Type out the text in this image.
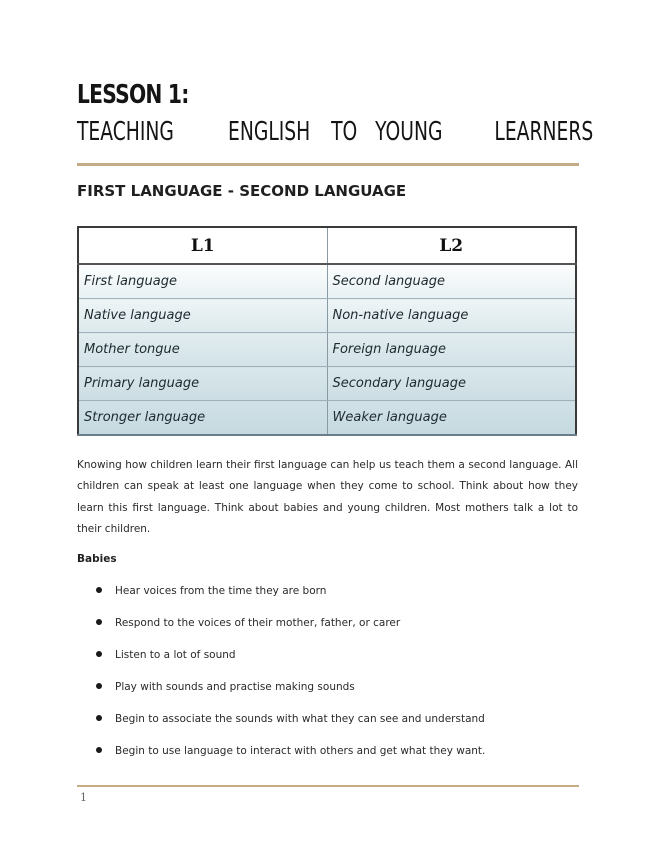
LESSON 1:
TEACHING ENGLISH TO YOUNG LEARNERS
FIRST LANGUAGE - SECOND LANGUAGE
L1	L2
First language	Second language
Native language	Non-native language
Mother tongue	Foreign language
Primary language	Secondary language
Stronger language	Weaker language

Knowing how children learn their first language can help us teach them a second language. All children can speak at least one language when they come to school. Think about how they learn this first language. Think about babies and young children. Most mothers talk a lot to their children.

Babies
Hear voices from the time they are born
Respond to the voices of their mother, father, or carer
Listen to a lot of sound
Play with sounds and practise making sounds
Begin to associate the sounds with what they can see and understand
Begin to use language to interact with others and get what they want.
1
